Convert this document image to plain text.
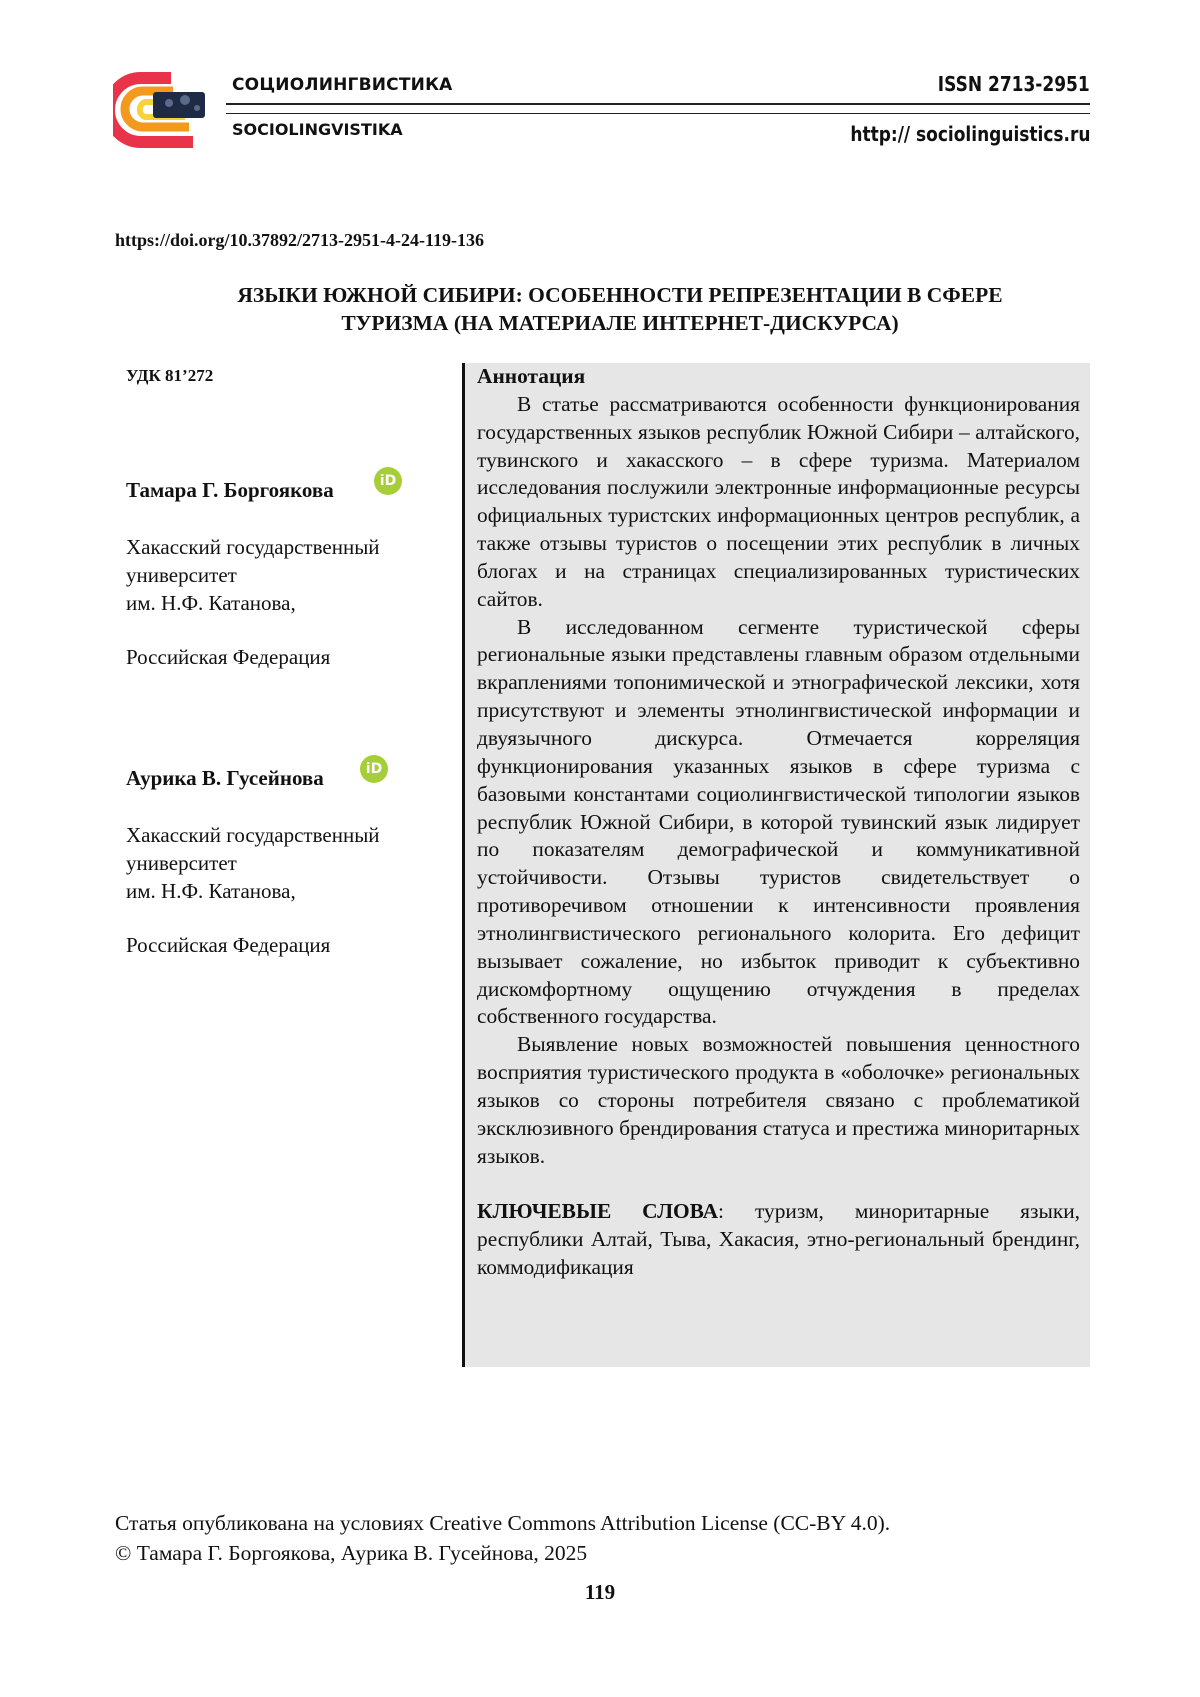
СОЦИОЛИНГВИСТИКА
SOCIOLINGVISTIKA
ISSN 2713-2951
http:// sociolinguistics.ru
https://doi.org/10.37892/2713-2951-4-24-119-136
ЯЗЫКИ ЮЖНОЙ СИБИРИ: ОСОБЕННОСТИ РЕПРЕЗЕНТАЦИИ В СФЕРЕ
ТУРИЗМА (НА МАТЕРИАЛЕ ИНТЕРНЕТ-ДИСКУРСА)
УДК 81’272
Тамара Г. Боргоякова	iD
Хакасский государственный
университет
им. Н.Ф. Катанова,
Российская Федерация
Аурика В. Гусейнова	iD
Хакасский государственный
университет
им. Н.Ф. Катанова,
Российская Федерация

Аннотация

В статье рассматриваются особенности функционирования государственных языков республик Южной Сибири – алтайского, тувинского и хакасского – в сфере туризма. Материалом исследования послужили электронные информационные ресурсы официальных туристских информационных центров республик, а также отзывы туристов о посещении этих республик в личных блогах и на страницах специализированных туристических сайтов.

В исследованном сегменте туристической сферы региональные языки представлены главным образом отдельными вкраплениями топонимической и этнографической лексики, хотя присутствуют и элементы этнолингвистической информации и двуязычного дискурса. Отмечается корреляция функционирования указанных языков в сфере туризма с базовыми константами социолингвистической типологии языков республик Южной Сибири, в которой тувинский язык лидирует по показателям демографической и коммуникативной устойчивости. Отзывы туристов свидетельствует о противоречивом отношении к интенсивности проявления этнолингвистического регионального колорита. Его дефицит вызывает сожаление, но избыток приводит к субъективно дискомфортному ощущению отчуждения в пределах собственного государства.

Выявление новых возможностей повышения ценностного восприятия туристического продукта в «оболочке» региональных языков со стороны потребителя связано с проблематикой эксклюзивного брендирования статуса и престижа миноритарных языков.

КЛЮЧЕВЫЕ СЛОВА: туризм, миноритарные языки, республики Алтай, Тыва, Хакасия, этно-региональный брендинг, коммодификация

Статья опубликована на условиях Creative Commons Attribution License (CC-BY 4.0).
© Тамара Г. Боргоякова, Аурика В. Гусейнова, 2025
119
